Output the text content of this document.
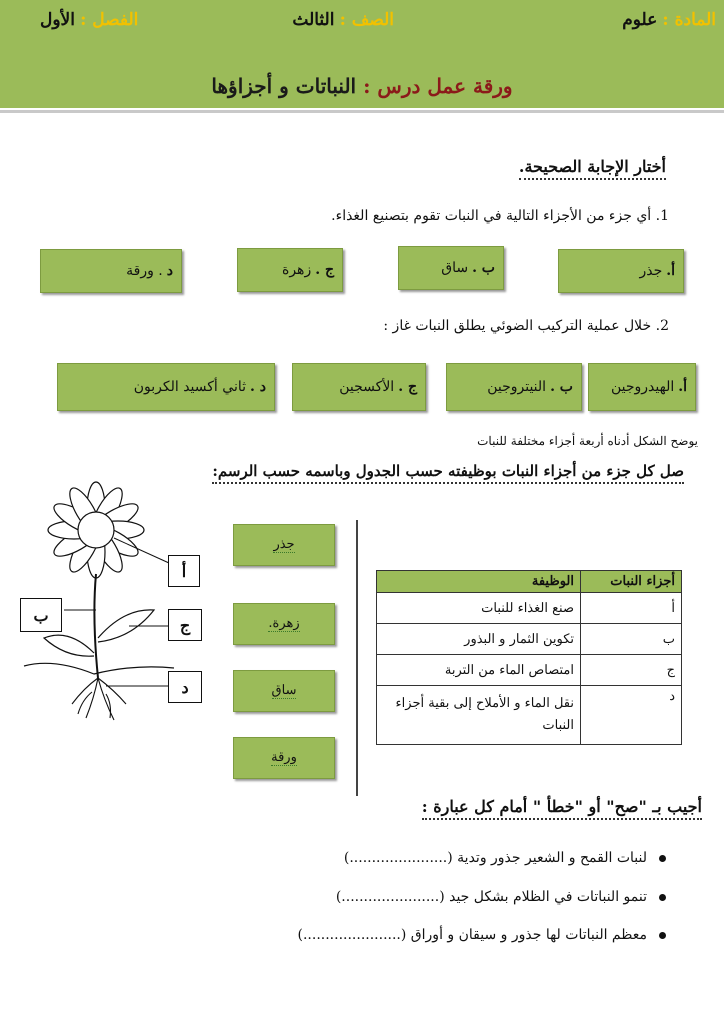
المادة : علوم
الصف : الثالث
الفصل : الأول
ورقة عمل درس : النباتات و أجزاؤها
أختار الإجابة الصحيحة.
1. أي جزء من الأجزاء التالية في النبات تقوم بتصنيع الغذاء.
أ.
جذر
ب .
ساق
ج .
زهرة
د
. ورقة
2. خلال عملية التركيب الضوئي يطلق النبات غاز :
أ.
الهيدروجين
ب .
النيتروجين
ج .
الأكسجين
د .
ثاني أكسيد الكربون
يوضح الشكل أدناه أربعة أجزاء مختلفة للنبات
صل كل جزء من أجزاء النبات بوظيفته حسب الجدول وباسمه حسب الرسم:
أ
ب
ج
د
جذر
زهرة.
ساق
ورقة
أجزاء النبات	الوظيفة
أ	صنع الغذاء للنبات
ب	تكوين الثمار و البذور
ج	امتصاص الماء من التربة
د	نقل الماء و الأملاح إلى بقية أجزاء النبات
أجيب بـ "صح" أو "خطأ " أمام كل عبارة :
لنبات القمح و الشعير جذور وتدية (......................)
تنمو النباتات في الظلام بشكل جيد (......................)
معظم النباتات لها جذور و سيقان و أوراق (......................)
